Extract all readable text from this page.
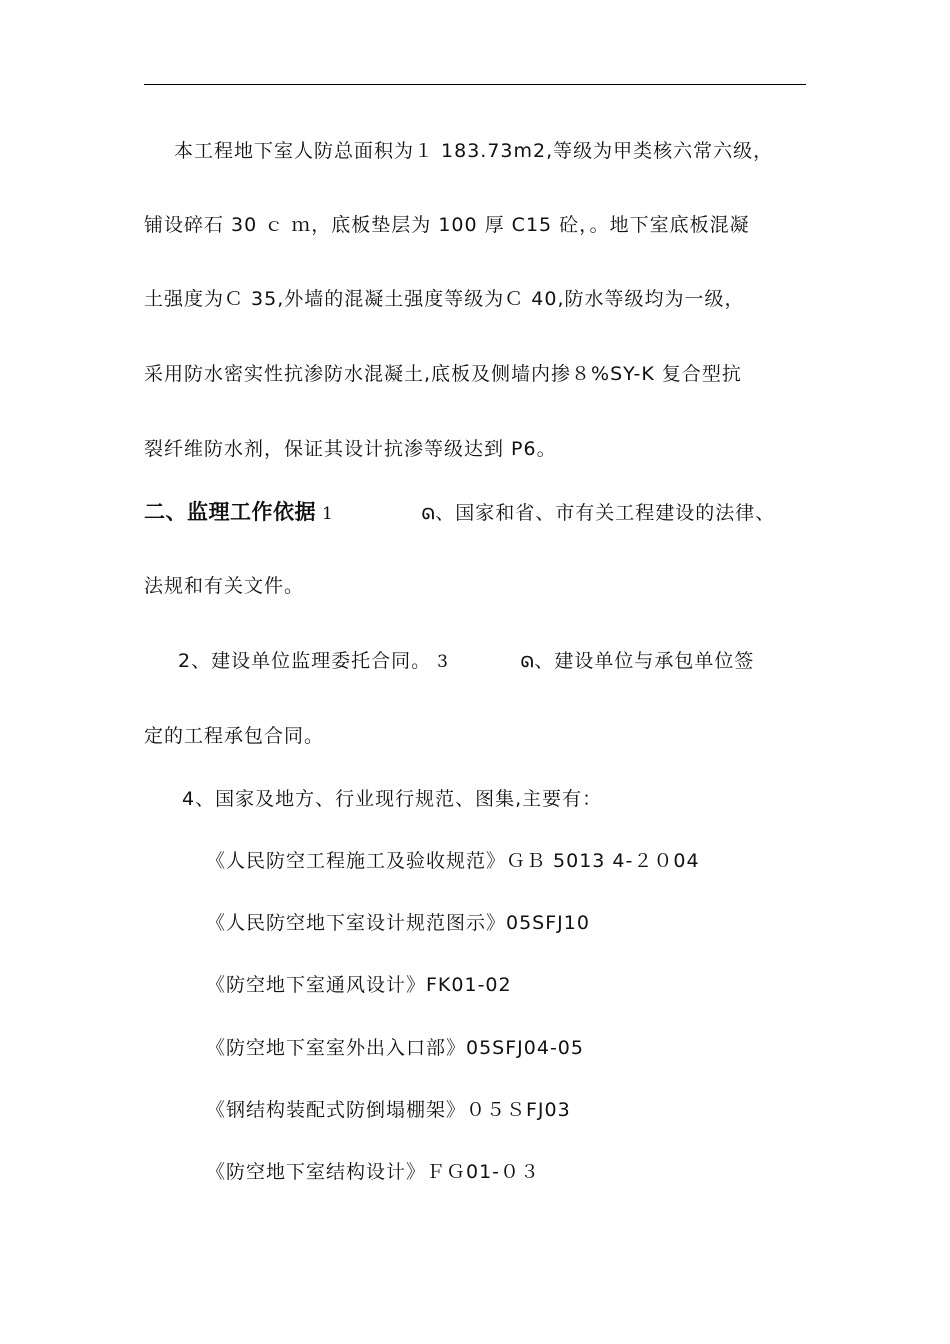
本工程地下室人防总面积为１ 183.73m2,等级为甲类核六常六级，
铺设碎石 30 ｃ ｍ，底板垫层为 100 厚 C15 砼，。地下室底板混凝
土强度为Ｃ 35,外墙的混凝土强度等级为Ｃ 40,防水等级均为一级，
采用防水密实性抗渗防水混凝土,底板及侧墙内掺８%SY-K 复合型抗
裂纤维防水剂，保证其设计抗渗等级达到 P6。
二、监理工作依据 1	ᘏ、国家和省、市有关工程建设的法律、
法规和有关文件。
2、建设单位监理委托合同。 3	ᘏ、建设单位与承包单位签
定的工程承包合同。
4、国家及地方、行业现行规范、图集,主要有：
《人民防空工程施工及验收规范》ＧＢ 5013 4-２０04
《人民防空地下室设计规范图示》05SFJ10
《防空地下室通风设计》FK01-02
《防空地下室室外出入口部》05SFJ04-05
《钢结构装配式防倒塌棚架》０５ＳFJ03
《防空地下室结构设计》ＦＧ01-０３
